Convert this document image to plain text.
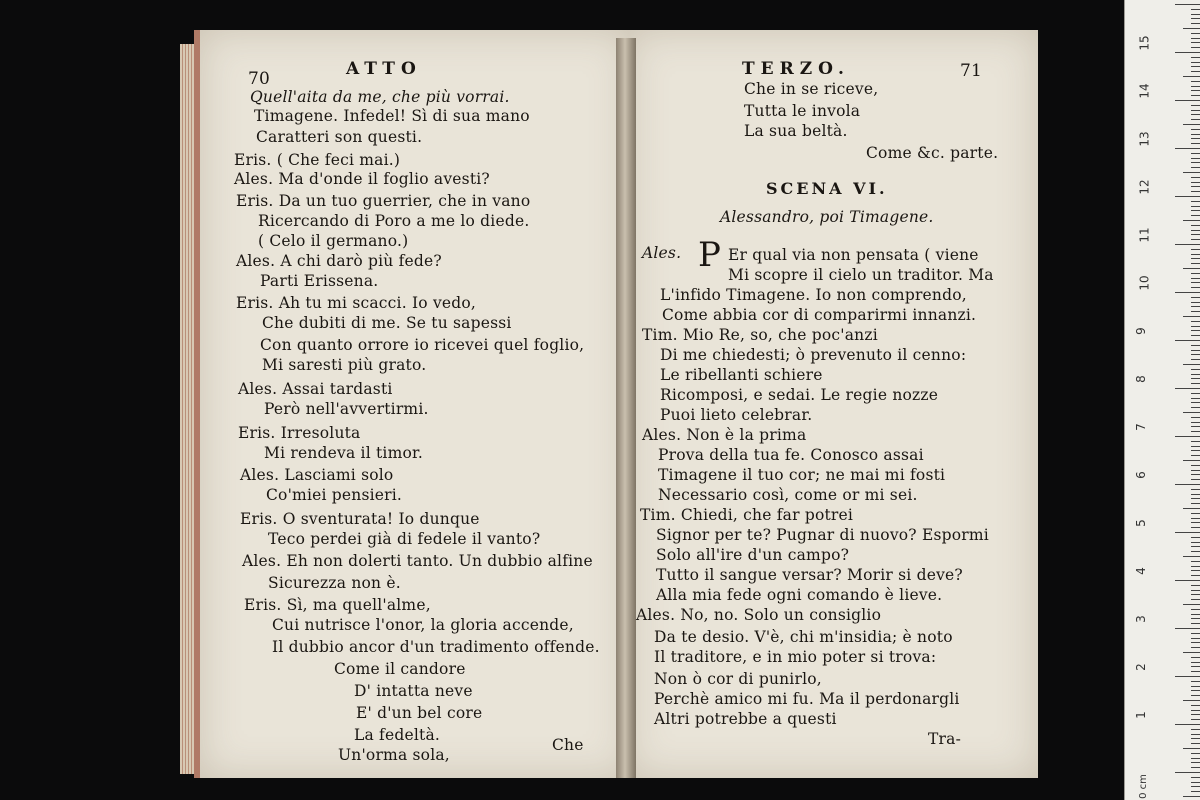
70	ATTO
Quell'aita da me, che più vorrai.
Timagene. Infedel! Sì di sua mano
Caratteri son questi.
Eris. ( Che feci mai.)
Ales. Ma d'onde il foglio avesti?
Eris. Da un tuo guerrier, che in vano
Ricercando di Poro a me lo diede.
( Celo il germano.)
Ales. A chi darò più fede?
Parti Erissena.
Eris. Ah tu mi scacci. Io vedo,
Che dubiti di me. Se tu sapessi
Con quanto orrore io ricevei quel foglio,
Mi saresti più grato.
Ales. Assai tardasti
Però nell'avvertirmi.
Eris. Irresoluta
Mi rendeva il timor.
Ales. Lasciami solo
Co'miei pensieri.
Eris. O sventurata! Io dunque
Teco perdei già di fedele il vanto?
Ales. Eh non dolerti tanto. Un dubbio alfine
Sicurezza non è.
Eris. Sì, ma quell'alme,
Cui nutrisce l'onor, la gloria accende,
Il dubbio ancor d'un tradimento offende.
Come il candore
D' intatta neve
E' d'un bel core
La fedeltà.
Un'orma sola,
Che
TERZO.	71
Che in se riceve,
Tutta le invola
La sua beltà.
Come &c. parte.
SCENA VI.
Alessandro, poi Timagene.
Ales. P Er qual via non pensata ( viene
Mi scopre il cielo un traditor. Ma
L'infido Timagene. Io non comprendo,
Come abbia cor di comparirmi innanzi.
Tim. Mio Re, so, che poc'anzi
Di me chiedesti; ò prevenuto il cenno:
Le ribellanti schiere
Ricomposi, e sedai. Le regie nozze
Puoi lieto celebrar.
Ales. Non è la prima
Prova della tua fe. Conosco assai
Timagene il tuo cor; ne mai mi fosti
Necessario così, come or mi sei.
Tim. Chiedi, che far potrei
Signor per te? Pugnar di nuovo? Espormi
Solo all'ire d'un campo?
Tutto il sangue versar? Morir si deve?
Alla mia fede ogni comando è lieve.
Ales. No, no. Solo un consiglio
Da te desio. V'è, chi m'insidia; è noto
Il traditore, e in mio poter si trova:
Non ò cor di punirlo,
Perchè amico mi fu. Ma il perdonargli
Altri potrebbe a questi
Tra-
15
14
13
12
11
10
9
8
7
6
5
4
3
2
1
0 cm
